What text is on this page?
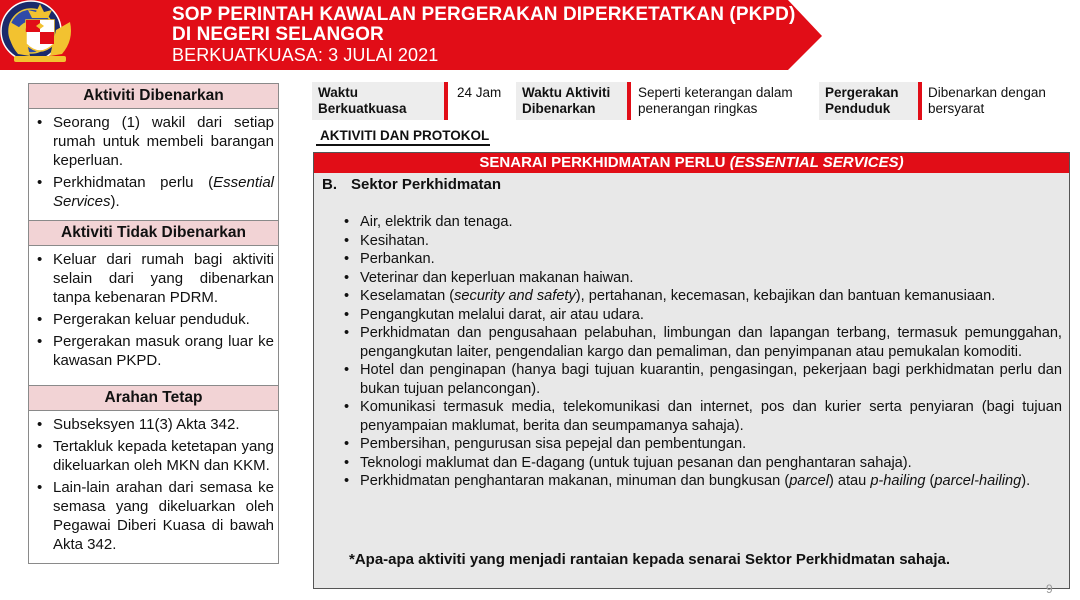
SOP PERINTAH KAWALAN PERGERAKAN DIPERKETATKAN (PKPD)
DI NEGERI SELANGOR
BERKUATKUASA: 3 JULAI 2021
Aktiviti Dibenarkan
• Seorang (1) wakil dari setiap rumah untuk membeli barangan keperluan.
• Perkhidmatan perlu (Essential Services).
Aktiviti Tidak Dibenarkan
• Keluar dari rumah bagi aktiviti selain dari yang dibenarkan tanpa kebenaran PDRM.
• Pergerakan keluar penduduk.
• Pergerakan masuk orang luar ke kawasan PKPD.
Arahan Tetap
• Subseksyen 11(3) Akta 342.
• Tertakluk kepada ketetapan yang dikeluarkan oleh MKN dan KKM.
• Lain-lain arahan dari semasa ke semasa yang dikeluarkan oleh Pegawai Diberi Kuasa di bawah Akta 342.
Waktu Berkuatkuasa
24 Jam	Waktu Aktiviti Dibenarkan
Seperti keterangan dalam penerangan ringkas
Pergerakan Penduduk
Dibenarkan dengan bersyarat
AKTIVITI DAN PROTOKOL
SENARAI PERKHIDMATAN PERLU (ESSENTIAL SERVICES)
B. Sektor Perkhidmatan
• Air, elektrik dan tenaga.
• Kesihatan.
• Perbankan.
• Veterinar dan keperluan makanan haiwan.
• Keselamatan (security and safety), pertahanan, kecemasan, kebajikan dan bantuan kemanusiaan.
• Pengangkutan melalui darat, air atau udara.
• Perkhidmatan dan pengusahaan pelabuhan, limbungan dan lapangan terbang, termasuk pemunggahan, pengangkutan laiter, pengendalian kargo dan pemaliman, dan penyimpanan atau pemukalan komoditi.
• Hotel dan penginapan (hanya bagi tujuan kuarantin, pengasingan, pekerjaan bagi perkhidmatan perlu dan bukan tujuan pelancongan).
• Komunikasi termasuk media, telekomunikasi dan internet, pos dan kurier serta penyiaran (bagi tujuan penyampaian maklumat, berita dan seumpamanya sahaja).
• Pembersihan, pengurusan sisa pepejal dan pembentungan.
• Teknologi maklumat dan E-dagang (untuk tujuan pesanan dan penghantaran sahaja).
• Perkhidmatan penghantaran makanan, minuman dan bungkusan (parcel) atau p-hailing (parcel-hailing).
*Apa-apa aktiviti yang menjadi rantaian kepada senarai Sektor Perkhidmatan sahaja.
9
